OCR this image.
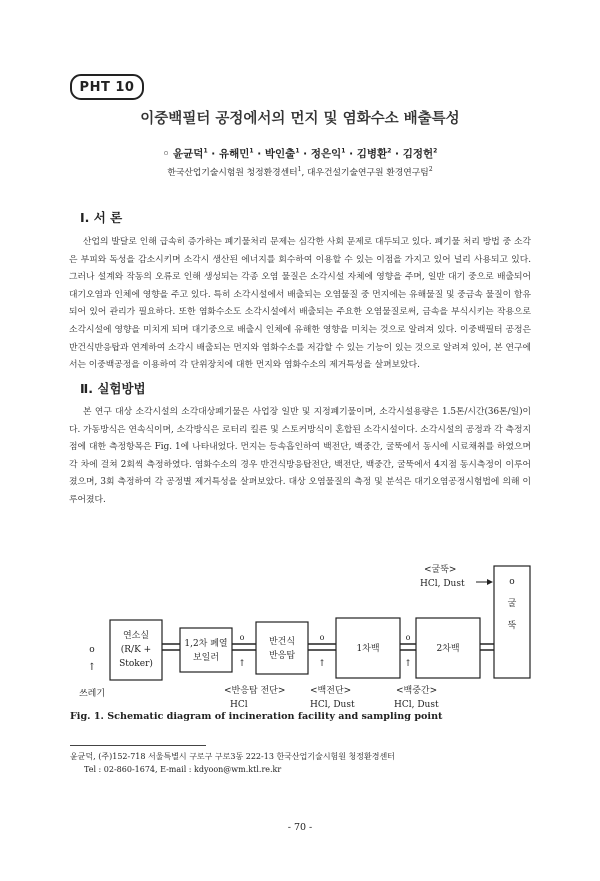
PHT 10
이중백필터 공정에서의 먼지 및 염화수소 배출특성
◦ 윤균덕$^1$ · 유해민$^1$ · 박인출$^1$ · 정은익$^1$ · 김병환$^2$ · 김정헌$^2$
한국산업기술시험원 청정환경센터$^1$, 대우건설기술연구원 환경연구팀$^2$
Ⅰ. 서 론

산업의 발달로 인해 급속히 증가하는 폐기물처리 문제는 심각한 사회 문제로 대두되고 있다. 폐기물 처리 방법 중 소각은 부피와 독성을 감소시키며 소각시 생산된 에너지를 회수하여 이용할 수 있는 이점을 가지고 있어 널리 사용되고 있다. 그러나 설계와 작동의 오류로 인해 생성되는 각종 오염 물질은 소각시설 자체에 영향을 주며, 일반 대기 중으로 배출되어 대기오염과 인체에 영향을 주고 있다. 특히 소각시설에서 배출되는 오염물질 중 먼지에는 유해물질 및 중금속 물질이 함유되어 있어 관리가 필요하다. 또한 염화수소도 소각시설에서 배출되는 주요한 오염물질로써, 금속을 부식시키는 작용으로 소각시설에 영향을 미치게 되며 대기중으로 배출시 인체에 유해한 영향을 미치는 것으로 알려져 있다. 이중백필터 공정은 반건식반응탑과 연계하여 소각시 배출되는 먼지와 염화수소를 저감할 수 있는 기능이 있는 것으로 알려져 있어, 본 연구에서는 이중백공정을 이용하여 각 단위장치에 대한 먼지와 염화수소의 제거특성을 살펴보았다.

Ⅱ. 실험방법

본 연구 대상 소각시설의 소각대상폐기물은 사업장 일반 및 지정폐기물이며, 소각시설용량은 1.5톤/시간(36톤/일)이다. 가동방식은 연속식이며, 소각방식은 로터리 킬른 및 스토커방식이 혼합된 소각시설이다. 소각시설의 공정과 각 측정지점에 대한 측정항목은 Fig. 1에 나타내었다. 먼지는 등속흡인하여 백전단, 백중간, 굴뚝에서 동시에 시료채취를 하였으며 각 차에 걸쳐 2회씩 측정하였다. 염화수소의 경우 반건식방응탑전단, 백전단, 백중간, 굴뚝에서 4지점 동시측정이 이루어 졌으며, 3회 측정하여 각 공정별 제거특성을 살펴보았다. 대상 오염물질의 측정 및 분석은 대기오염공정시험법에 의해 이루어졌다.

o
↑
쓰레기
연소실
(R/K +
Stoker)
1,2차 폐열
보일러
o
↑
반건식
반응탑
o
↑
1차백
o
↑
2차백
o
굴
뚝
<굴뚝>
HCl, Dust
<반응탑 전단>
HCl
<백전단>
HCl, Dust
<백중간>
HCl, Dust
Fig. 1. Schematic diagram of incineration facility and sampling point
윤균덕, (주)152-718 서울특별시 구로구 구로3동 222-13 한국산업기술시험원 청정환경센터
Tel : 02-860-1674, E-mail : kdyoon@wm.ktl.re.kr
- 70 -
